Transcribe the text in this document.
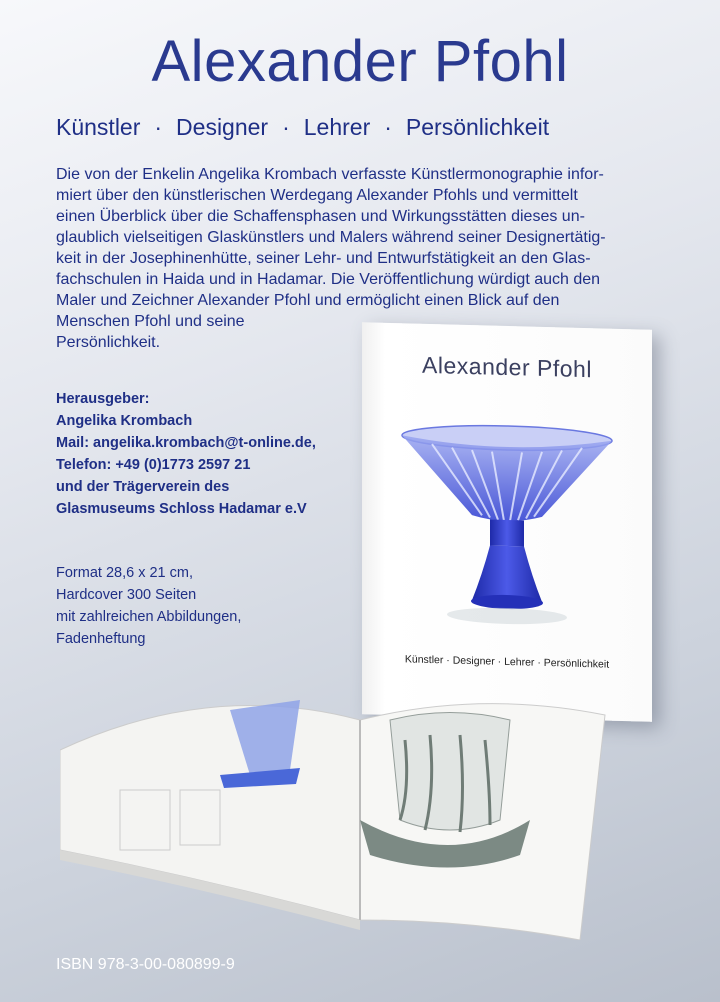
Alexander Pfohl
Künstler · Designer · Lehrer · Persönlichkeit
Die von der Enkelin Angelika Krombach verfasste Künstlermonographie infor-
miert über den künstlerischen Werdegang Alexander Pfohls und vermittelt
einen Überblick über die Schaffensphasen und Wirkungsstätten dieses un-
glaublich vielseitigen Glaskünstlers und Malers während seiner Designertätig-
keit in der Josephinenhütte, seiner Lehr- und Entwurfstätigkeit an den Glas-
fachschulen in Haida und in Hadamar. Die Veröffentlichung würdigt auch den
Maler und Zeichner Alexander Pfohl und ermöglicht einen Blick auf den
Menschen Pfohl und seine
Persönlichkeit.
Herausgeber:
Angelika Krombach
Mail: angelika.krombach@t-online.de,
Telefon: +49 (0)1773 2597 21
und der Trägerverein des
Glasmuseums Schloss Hadamar e.V
Format 28,6 x 21 cm,
Hardcover 300 Seiten
mit zahlreichen Abbildungen,
Fadenheftung
Alexander Pfohl
Künstler · Designer · Lehrer · Persönlichkeit
ISBN 978-3-00-080899-9
